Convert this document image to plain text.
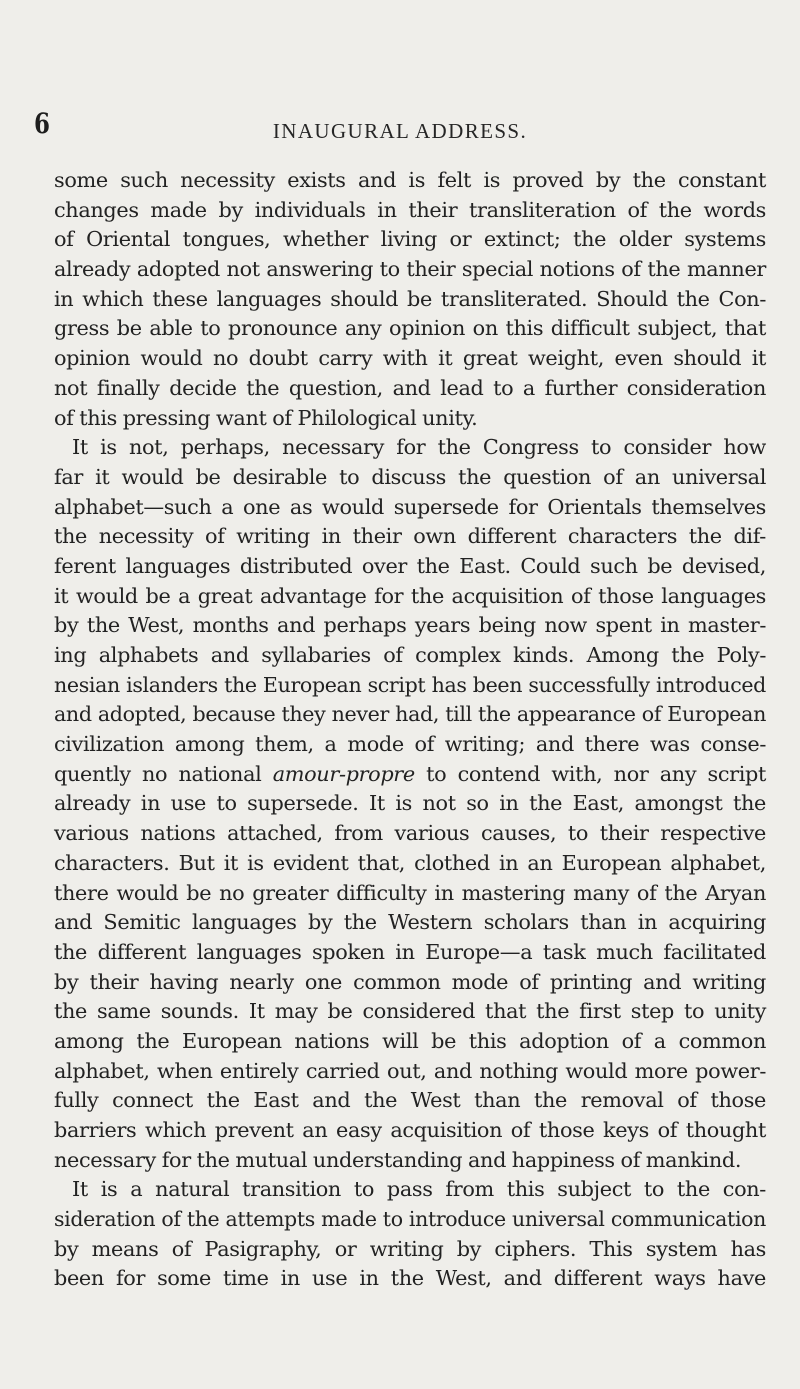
6	INAUGURAL ADDRESS.
some such necessity exists and is felt is proved by the constant
changes made by individuals in their transliteration of the words
of Oriental tongues, whether living or extinct; the older systems
already adopted not answering to their special notions of the manner
in which these languages should be transliterated. Should the Con-
gress be able to pronounce any opinion on this difficult subject, that
opinion would no doubt carry with it great weight, even should it
not finally decide the question, and lead to a further consideration
of this pressing want of Philological unity.
It is not, perhaps, necessary for the Congress to consider how
far it would be desirable to discuss the question of an universal
alphabet—such a one as would supersede for Orientals themselves
the necessity of writing in their own different characters the dif-
ferent languages distributed over the East. Could such be devised,
it would be a great advantage for the acquisition of those languages
by the West, months and perhaps years being now spent in master-
ing alphabets and syllabaries of complex kinds. Among the Poly-
nesian islanders the European script has been successfully introduced
and adopted, because they never had, till the appearance of European
civilization among them, a mode of writing; and there was conse-
quently no national amour-propre to contend with, nor any script
already in use to supersede. It is not so in the East, amongst the
various nations attached, from various causes, to their respective
characters. But it is evident that, clothed in an European alphabet,
there would be no greater difficulty in mastering many of the Aryan
and Semitic languages by the Western scholars than in acquiring
the different languages spoken in Europe—a task much facilitated
by their having nearly one common mode of printing and writing
the same sounds. It may be considered that the first step to unity
among the European nations will be this adoption of a common
alphabet, when entirely carried out, and nothing would more power-
fully connect the East and the West than the removal of those
barriers which prevent an easy acquisition of those keys of thought
necessary for the mutual understanding and happiness of mankind.
It is a natural transition to pass from this subject to the con-
sideration of the attempts made to introduce universal communication
by means of Pasigraphy, or writing by ciphers. This system has
been for some time in use in the West, and different ways have
